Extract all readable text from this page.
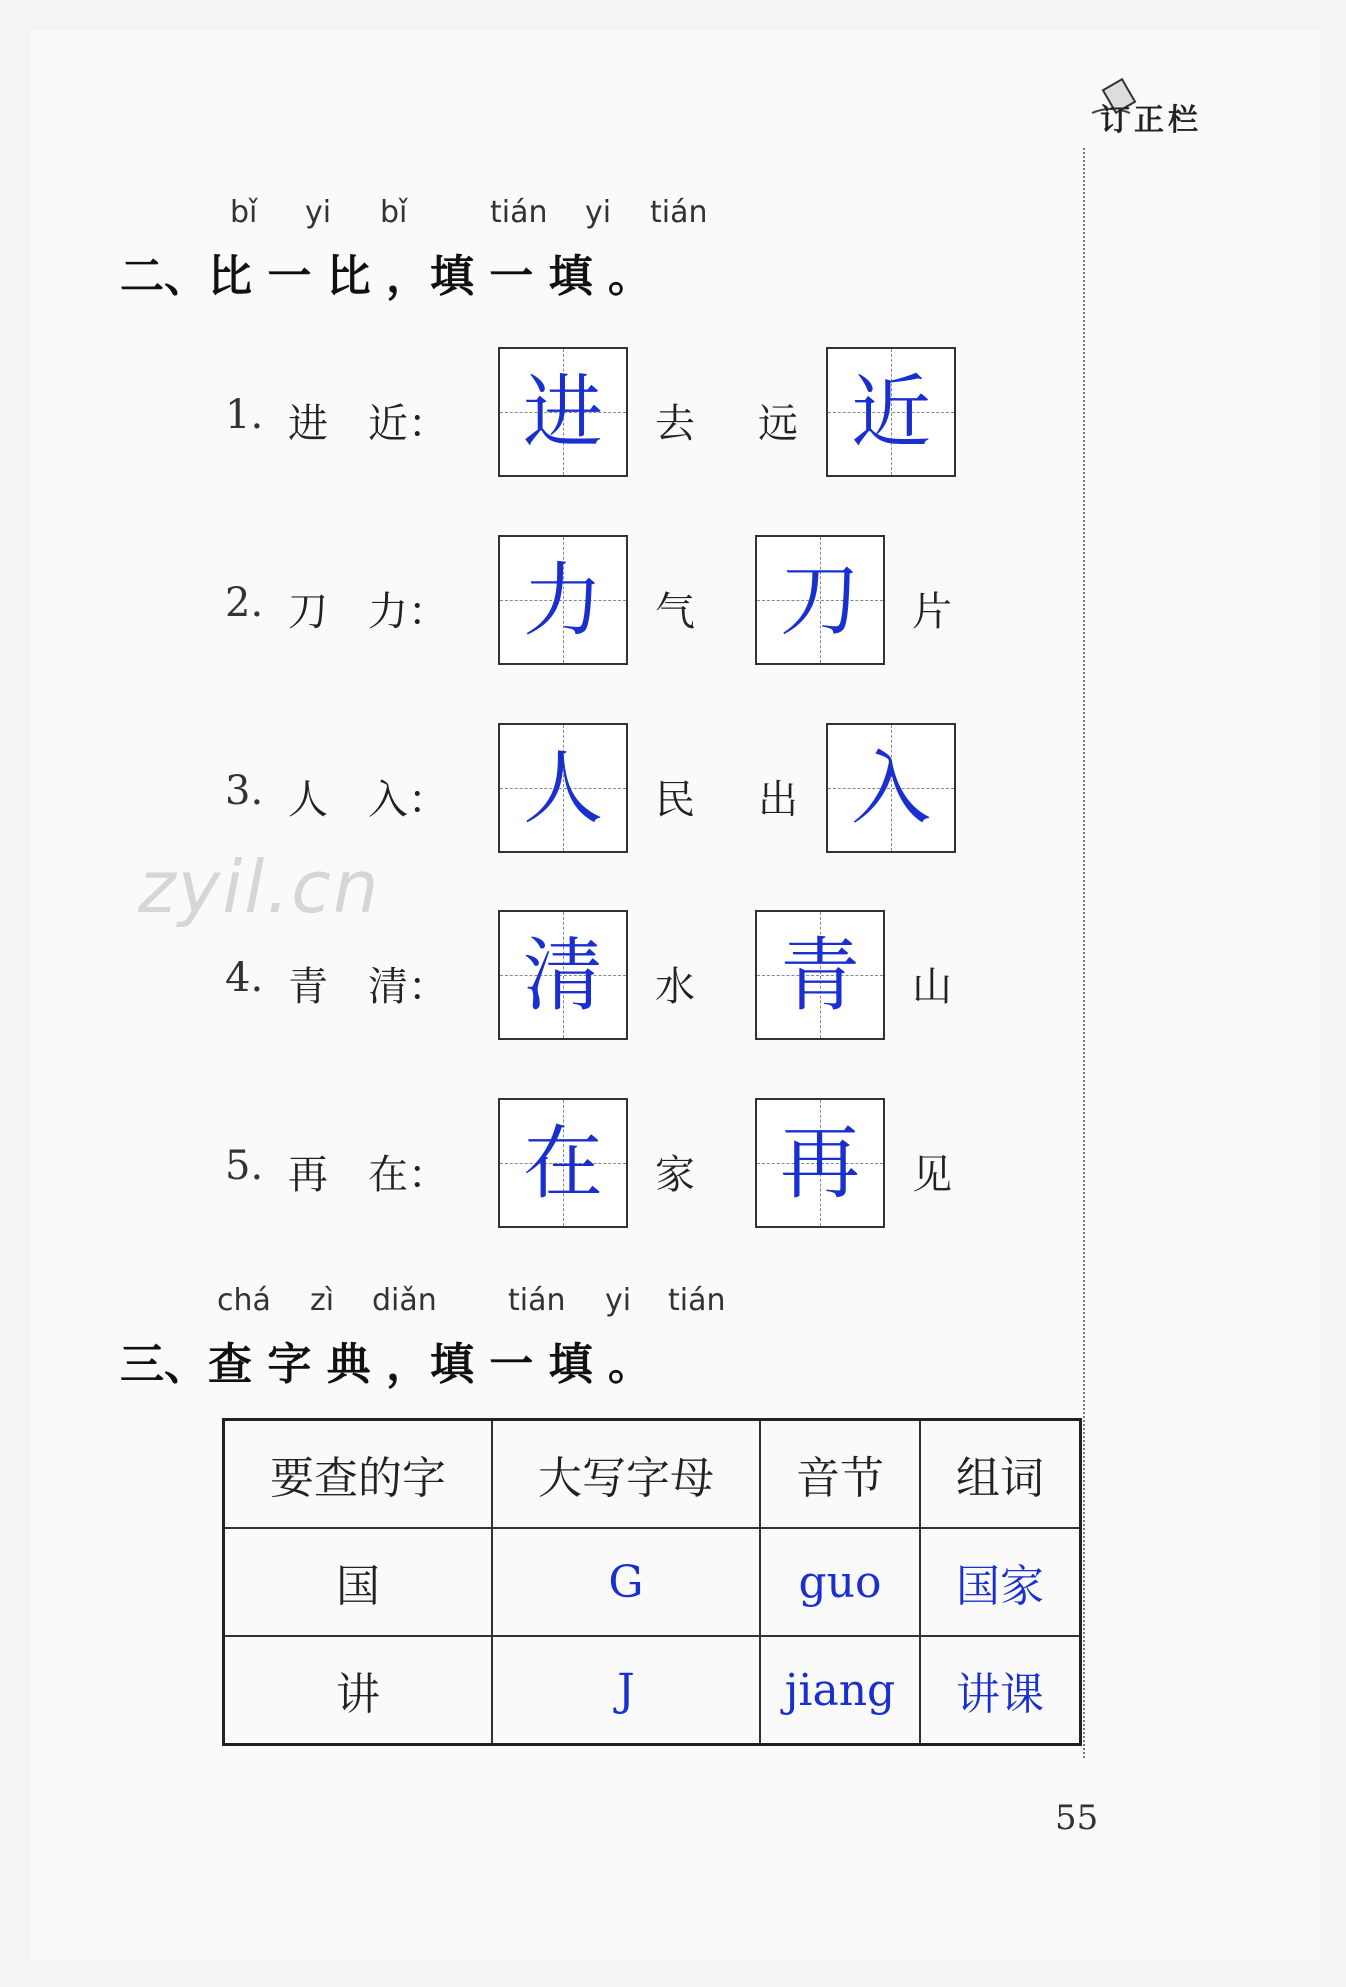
订正栏
bǐ yi bǐ	tián yi tián
二、比 一 比 ，填 一 填 。
1. 进　近： 进	去 远 近
2. 刀　力： 力	气 刀	片
3. 人　入： 人	民 出 入
zyil.cn
4. 青　清： 清	水 青	山
5. 再　在： 在	家 再	见
chá zì diǎn tián yi tián
三、查 字 典 ，填 一 填 。
要查的字	大写字母	音节	组词
国	G	guo	国家
讲	J	jiang	讲课
55
